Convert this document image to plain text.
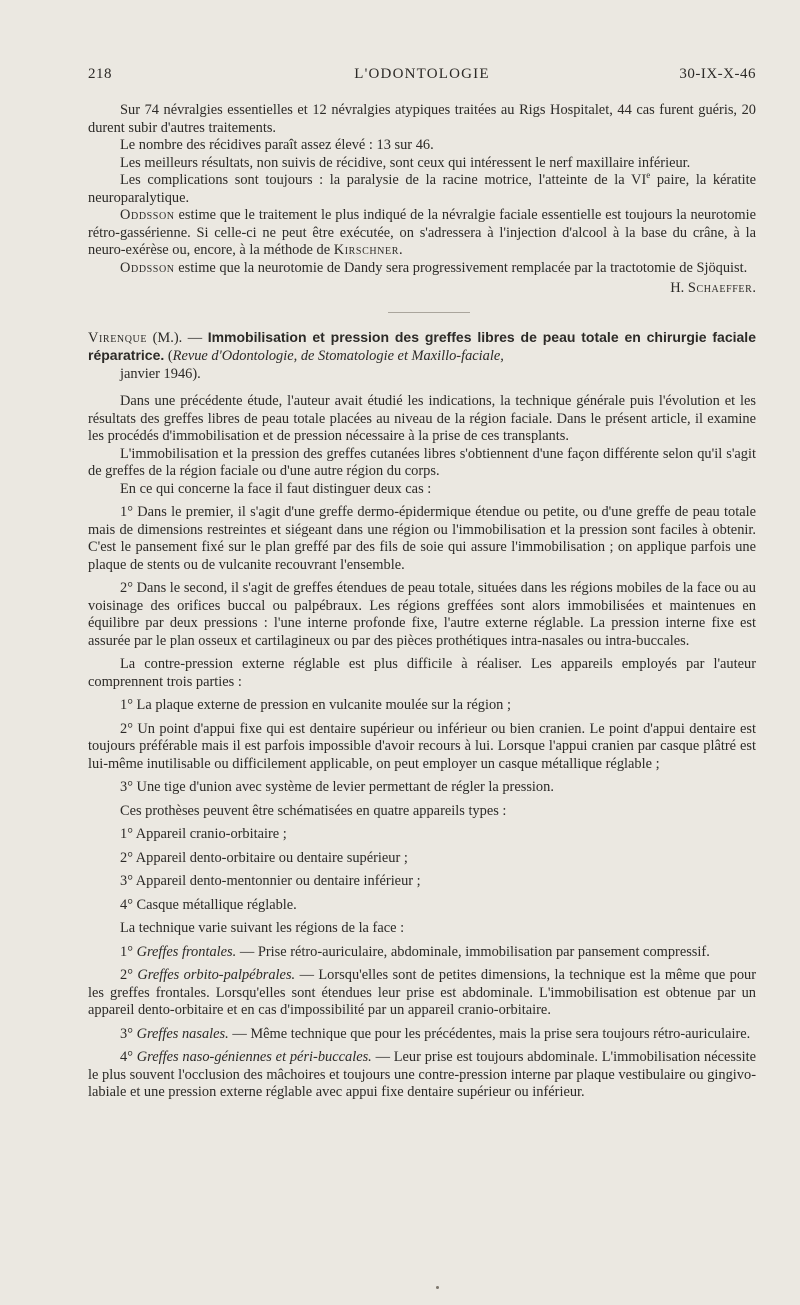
218	L'ODONTOLOGIE	30-IX-X-46

Sur 74 névralgies essentielles et 12 névralgies atypiques traitées au Rigs Hospitalet, 44 cas furent guéris, 20 durent subir d'autres traitements.

Le nombre des récidives paraît assez élevé : 13 sur 46.

Les meilleurs résultats, non suivis de récidive, sont ceux qui intéressent le nerf maxillaire inférieur.

Les complications sont toujours : la paralysie de la racine motrice, l'atteinte de la VIe paire, la kératite neuroparalytique.

Oddsson estime que le traitement le plus indiqué de la névralgie faciale essentielle est toujours la neurotomie rétro-gassérienne. Si celle-ci ne peut être exécutée, on s'adressera à l'injection d'alcool à la base du crâne, à la neuro-exérèse ou, encore, à la méthode de Kirschner.

Oddsson estime que la neurotomie de Dandy sera progressivement remplacée par la tractotomie de Sjöquist.

H. Schaeffer.

Virenque (M.). — Immobilisation et pression des greffes libres de peau totale en chirurgie faciale réparatrice. (Revue d'Odontologie, de Stomatologie et Maxillo-faciale,

janvier 1946).

Dans une précédente étude, l'auteur avait étudié les indications, la technique générale puis l'évolution et les résultats des greffes libres de peau totale placées au niveau de la région faciale. Dans le présent article, il examine les procédés d'immobilisation et de pression nécessaire à la prise de ces transplants.

L'immobilisation et la pression des greffes cutanées libres s'obtiennent d'une façon différente selon qu'il s'agit de greffes de la région faciale ou d'une autre région du corps.

En ce qui concerne la face il faut distinguer deux cas :

1° Dans le premier, il s'agit d'une greffe dermo-épidermique étendue ou petite, ou d'une greffe de peau totale mais de dimensions restreintes et siégeant dans une région ou l'immobilisation et la pression sont faciles à obtenir. C'est le pansement fixé sur le plan greffé par des fils de soie qui assure l'immobilisation ; on applique parfois une plaque de stents ou de vulcanite recouvrant l'ensemble.

2° Dans le second, il s'agit de greffes étendues de peau totale, situées dans les régions mobiles de la face ou au voisinage des orifices buccal ou palpébraux. Les régions greffées sont alors immobilisées et maintenues en équilibre par deux pressions : l'une interne profonde fixe, l'autre externe réglable. La pression interne fixe est assurée par le plan osseux et cartilagineux ou par des pièces prothétiques intra-nasales ou intra-buccales.

La contre-pression externe réglable est plus difficile à réaliser. Les appareils employés par l'auteur comprennent trois parties :

1° La plaque externe de pression en vulcanite moulée sur la région ;

2° Un point d'appui fixe qui est dentaire supérieur ou inférieur ou bien cranien. Le point d'appui dentaire est toujours préférable mais il est parfois impossible d'avoir recours à lui. Lorsque l'appui cranien par casque plâtré est lui-même inutilisable ou difficilement applicable, on peut employer un casque métallique réglable ;

3° Une tige d'union avec système de levier permettant de régler la pression.

Ces prothèses peuvent être schématisées en quatre appareils types :

1° Appareil cranio-orbitaire ;

2° Appareil dento-orbitaire ou dentaire supérieur ;

3° Appareil dento-mentonnier ou dentaire inférieur ;

4° Casque métallique réglable.

La technique varie suivant les régions de la face :

1° Greffes frontales. — Prise rétro-auriculaire, abdominale, immobilisation par pansement compressif.

2° Greffes orbito-palpébrales. — Lorsqu'elles sont de petites dimensions, la technique est la même que pour les greffes frontales. Lorsqu'elles sont étendues leur prise est abdominale. L'immobilisation est obtenue par un appareil dento-orbitaire et en cas d'impossibilité par un appareil cranio-orbitaire.

3° Greffes nasales. — Même technique que pour les précédentes, mais la prise sera toujours rétro-auriculaire.

4° Greffes naso-géniennes et péri-buccales. — Leur prise est toujours abdominale. L'immobilisation nécessite le plus souvent l'occlusion des mâchoires et toujours une contre-pression interne par plaque vestibulaire ou gingivo-labiale et une pression externe réglable avec appui fixe dentaire supérieur ou inférieur.
